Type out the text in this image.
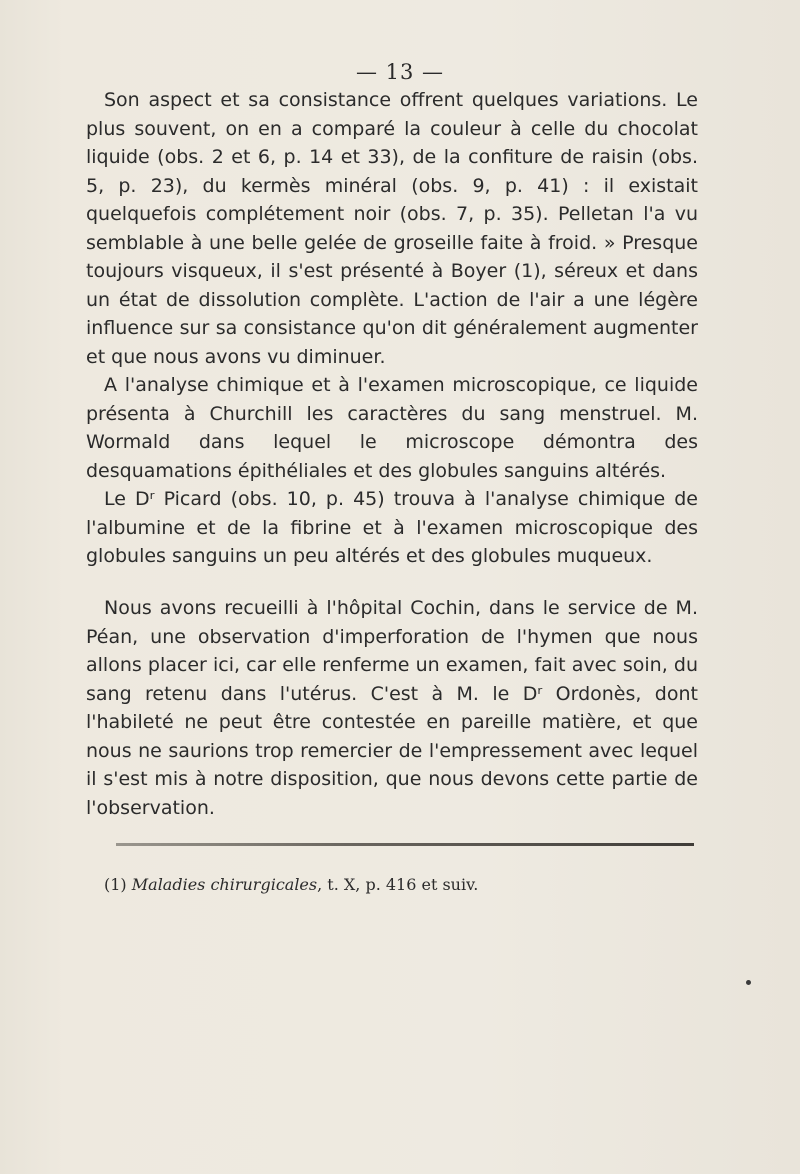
— 13 —

Son aspect et sa consistance offrent quelques variations. Le plus souvent, on en a comparé la couleur à celle du chocolat liquide (obs. 2 et 6, p. 14 et 33), de la confiture de raisin (obs. 5, p. 23), du kermès minéral (obs. 9, p. 41) : il existait quelquefois complétement noir (obs. 7, p. 35). Pelletan l'a vu semblable à une belle gelée de groseille faite à froid. » Presque toujours visqueux, il s'est présenté à Boyer (1), séreux et dans un état de dissolution complète. L'action de l'air a une légère influence sur sa consistance qu'on dit généralement augmenter et que nous avons vu diminuer.

A l'analyse chimique et à l'examen microscopique, ce liquide présenta à Churchill les caractères du sang menstruel. M. Wormald dans lequel le microscope démontra des desquamations épithéliales et des globules sanguins altérés.

Le Dʳ Picard (obs. 10, p. 45) trouva à l'analyse chimique de l'albumine et de la fibrine et à l'examen microscopique des globules sanguins un peu altérés et des globules muqueux.

Nous avons recueilli à l'hôpital Cochin, dans le service de M. Péan, une observation d'imperforation de l'hymen que nous allons placer ici, car elle renferme un examen, fait avec soin, du sang retenu dans l'utérus. C'est à M. le Dʳ Ordonès, dont l'habileté ne peut être contestée en pareille matière, et que nous ne saurions trop remercier de l'empressement avec lequel il s'est mis à notre disposition, que nous devons cette partie de l'observation.

(1) Maladies chirurgicales, t. X, p. 416 et suiv.
